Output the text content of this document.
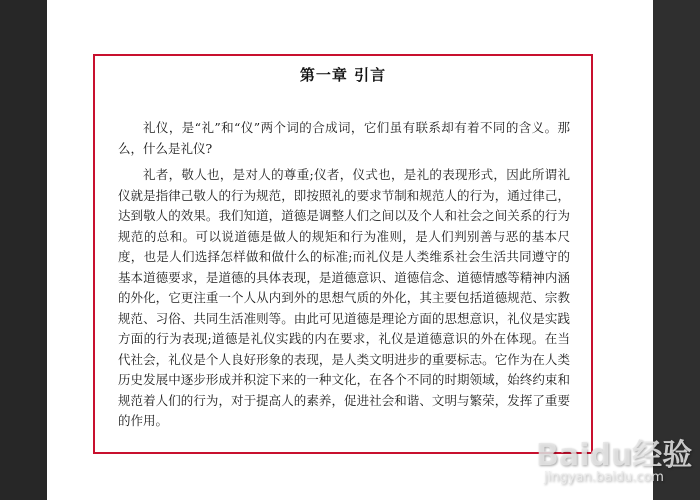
第一章 引言

礼仪，是“礼”和“仪”两个词的合成词，它们虽有联系却有着不同的含义。那么，什么是礼仪?

礼者，敬人也，是对人的尊重;仪者，仪式也，是礼的表现形式，因此所谓礼仪就是指律己敬人的行为规范，即按照礼的要求节制和规范人的行为，通过律己，达到敬人的效果。我们知道，道德是调整人们之间以及个人和社会之间关系的行为规范的总和。可以说道德是做人的规矩和行为准则，是人们判别善与恶的基本尺度，也是人们选择怎样做和做什么的标准;而礼仪是人类维系社会生活共同遵守的基本道德要求，是道德的具体表现，是道德意识、道德信念、道德情感等精神内涵的外化，它更注重一个人从内到外的思想气质的外化，其主要包括道德规范、宗教规范、习俗、共同生活准则等。由此可见道德是理论方面的思想意识，礼仪是实践方面的行为表现;道德是礼仪实践的内在要求，礼仪是道德意识的外在体现。在当代社会，礼仪是个人良好形象的表现，是人类文明进步的重要标志。它作为在人类历史发展中逐步形成并积淀下来的一种文化，在各个不同的时期领域，始终约束和规范着人们的行为，对于提高人的素养，促进社会和谐、文明与繁荣，发挥了重要的作用。

Baidu经验
jingyan.baidu.com
